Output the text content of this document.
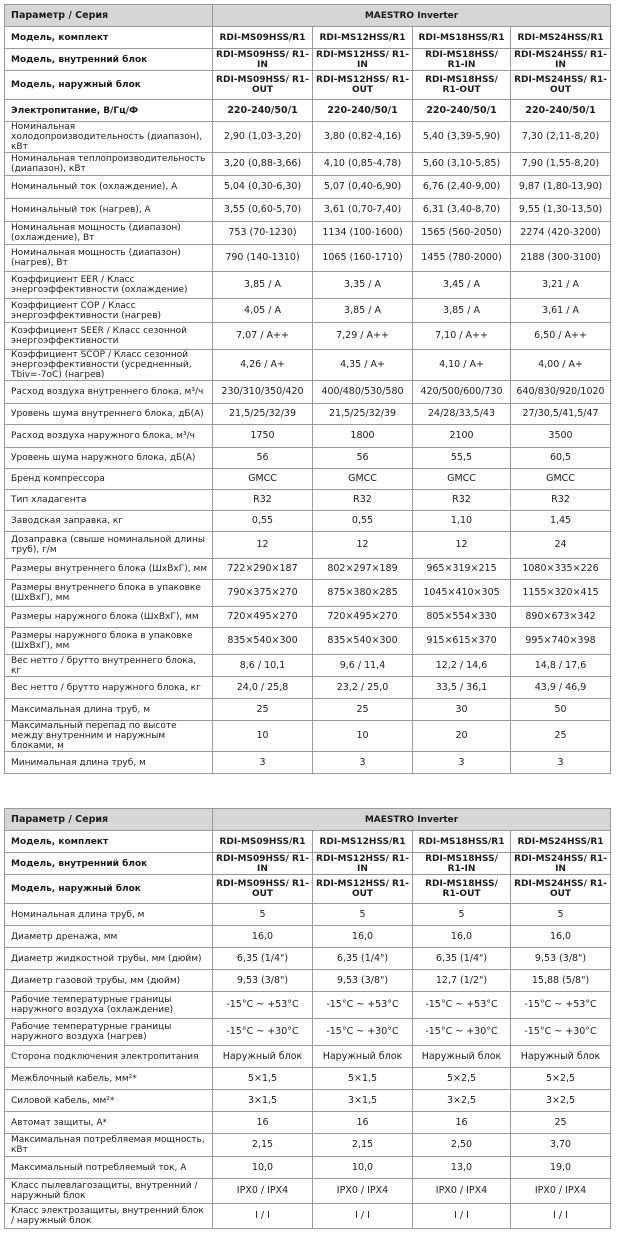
Параметр / Серия	MAESTRO Inverter			
Модель, комплект	RDI-MS09HSS/R1	RDI-MS12HSS/R1	RDI-MS18HSS/R1	RDI-MS24HSS/R1
Модель, внутренний блок	RDI-MS09HSS/ R1-IN	RDI-MS12HSS/ R1-IN	RDI-MS18HSS/ R1-IN	RDI-MS24HSS/ R1-IN
Модель, наружный блок	RDI-MS09HSS/ R1-OUT	RDI-MS12HSS/ R1-OUT	RDI-MS18HSS/ R1-OUT	RDI-MS24HSS/ R1-OUT
Электропитание, В/Гц/Ф	220-240/50/1	220-240/50/1	220-240/50/1	220-240/50/1
Номинальная холодопроизводительность (диапазон), кВт	2,90 (1,03-3,20)	3,80 (0,82-4,16)	5,40 (3,39-5,90)	7,30 (2,11-8,20)
Номинальная теплопроизводительность (диапазон), кВт	3,20 (0,88-3,66)	4,10 (0,85-4,78)	5,60 (3,10-5,85)	7,90 (1,55-8,20)
Номинальный ток (охлаждение), А	5,04 (0,30-6,30)	5,07 (0,40-6,90)	6,76 (2,40-9,00)	9,87 (1,80-13,90)
Номинальный ток (нагрев), А	3,55 (0,60-5,70)	3,61 (0,70-7,40)	6,31 (3,40-8,70)	9,55 (1,30-13,50)
Номинальная мощность (диапазон) (охлаждение), Вт	753 (70-1230)	1134 (100-1600)	1565 (560-2050)	2274 (420-3200)
Номинальная мощность (диапазон) (нагрев), Вт	790 (140-1310)	1065 (160-1710)	1455 (780-2000)	2188 (300-3100)
Коэффициент EER / Класс энергоэффективности (охлаждение)	3,85 / A	3,35 / A	3,45 / A	3,21 / A
Коэффициент COP / Класс энергоэффективности (нагрев)	4,05 / A	3,85 / A	3,85 / A	3,61 / A
Коэффициент SEER / Класс сезонной энергоэффективности	7,07 / A++	7,29 / A++	7,10 / A++	6,50 / A++
Коэффициент SCOP / Класс сезонной энергоэффективности (усредненный, Tbiv=-7oC) (нагрев)	4,26 / A+	4,35 / A+	4,10 / A+	4,00 / A+
Расход воздуха внутреннего блока, м³/ч	230/310/350/420	400/480/530/580	420/500/600/730	640/830/920/1020
Уровень шума внутреннего блока, дБ(А)	21,5/25/32/39	21,5/25/32/39	24/28/33,5/43	27/30,5/41,5/47
Расход воздуха наружного блока, м³/ч	1750	1800	2100	3500
Уровень шума наружного блока, дБ(А)	56	56	55,5	60,5
Бренд компрессора	GMCC	GMCC	GMCC	GMCC
Тип хладагента	R32	R32	R32	R32
Заводская заправка, кг	0,55	0,55	1,10	1,45
Дозаправка (свыше номинальной длины труб), г/м	12	12	12	24
Размеры внутреннего блока (ШхВхГ), мм	722×290×187	802×297×189	965×319×215	1080×335×226
Размеры внутреннего блока в упаковке (ШхВхГ), мм	790×375×270	875×380×285	1045×410×305	1155×320×415
Размеры наружного блока (ШхВхГ), мм	720×495×270	720×495×270	805×554×330	890×673×342
Размеры наружного блока в упаковке (ШхВхГ), мм	835×540×300	835×540×300	915×615×370	995×740×398
Вес нетто / брутто внутреннего блока, кг	8,6 / 10,1	9,6 / 11,4	12,2 / 14,6	14,8 / 17,6
Вес нетто / брутто наружного блока, кг	24,0 / 25,8	23,2 / 25,0	33,5 / 36,1	43,9 / 46,9
Максимальная длина труб, м	25	25	30	50
Максимальный перепад по высоте между внутренним и наружным блоками, м	10	10	20	25
Минимальная длина труб, м	3	3	3	3
Параметр / Серия	MAESTRO Inverter			
Модель, комплект	RDI-MS09HSS/R1	RDI-MS12HSS/R1	RDI-MS18HSS/R1	RDI-MS24HSS/R1
Модель, внутренний блок	RDI-MS09HSS/ R1-IN	RDI-MS12HSS/ R1-IN	RDI-MS18HSS/ R1-IN	RDI-MS24HSS/ R1-IN
Модель, наружный блок	RDI-MS09HSS/ R1-OUT	RDI-MS12HSS/ R1-OUT	RDI-MS18HSS/ R1-OUT	RDI-MS24HSS/ R1-OUT
Номинальная длина труб, м	5	5	5	5
Диаметр дренажа, мм	16,0	16,0	16,0	16,0
Диаметр жидкостной трубы, мм (дюйм)	6,35 (1/4")	6,35 (1/4")	6,35 (1/4")	9,53 (3/8")
Диаметр газовой трубы, мм (дюйм)	9,53 (3/8")	9,53 (3/8")	12,7 (1/2")	15,88 (5/8")
Рабочие температурные границы наружного воздуха (охлаждение)	-15°C ~ +53°C	-15°C ~ +53°C	-15°C ~ +53°C	-15°C ~ +53°C
Рабочие температурные границы наружного воздуха (нагрев)	-15°C ~ +30°C	-15°C ~ +30°C	-15°C ~ +30°C	-15°C ~ +30°C
Сторона подключения электропитания	Наружный блок	Наружный блок	Наружный блок	Наружный блок
Межблочный кабель, мм²*	5×1,5	5×1,5	5×2,5	5×2,5
Силовой кабель, мм²*	3×1,5	3×1,5	3×2,5	3×2,5
Автомат защиты, А*	16	16	16	25
Максимальная потребляемая мощность, кВт	2,15	2,15	2,50	3,70
Максимальный потребляемый ток, А	10,0	10,0	13,0	19,0
Класс пылевлагозащиты, внутренний / наружный блок	IPX0 / IPX4	IPX0 / IPX4	IPX0 / IPX4	IPX0 / IPX4
Класс электрозащиты, внутренний блок / наружный блок	I / I	I / I	I / I	I / I
